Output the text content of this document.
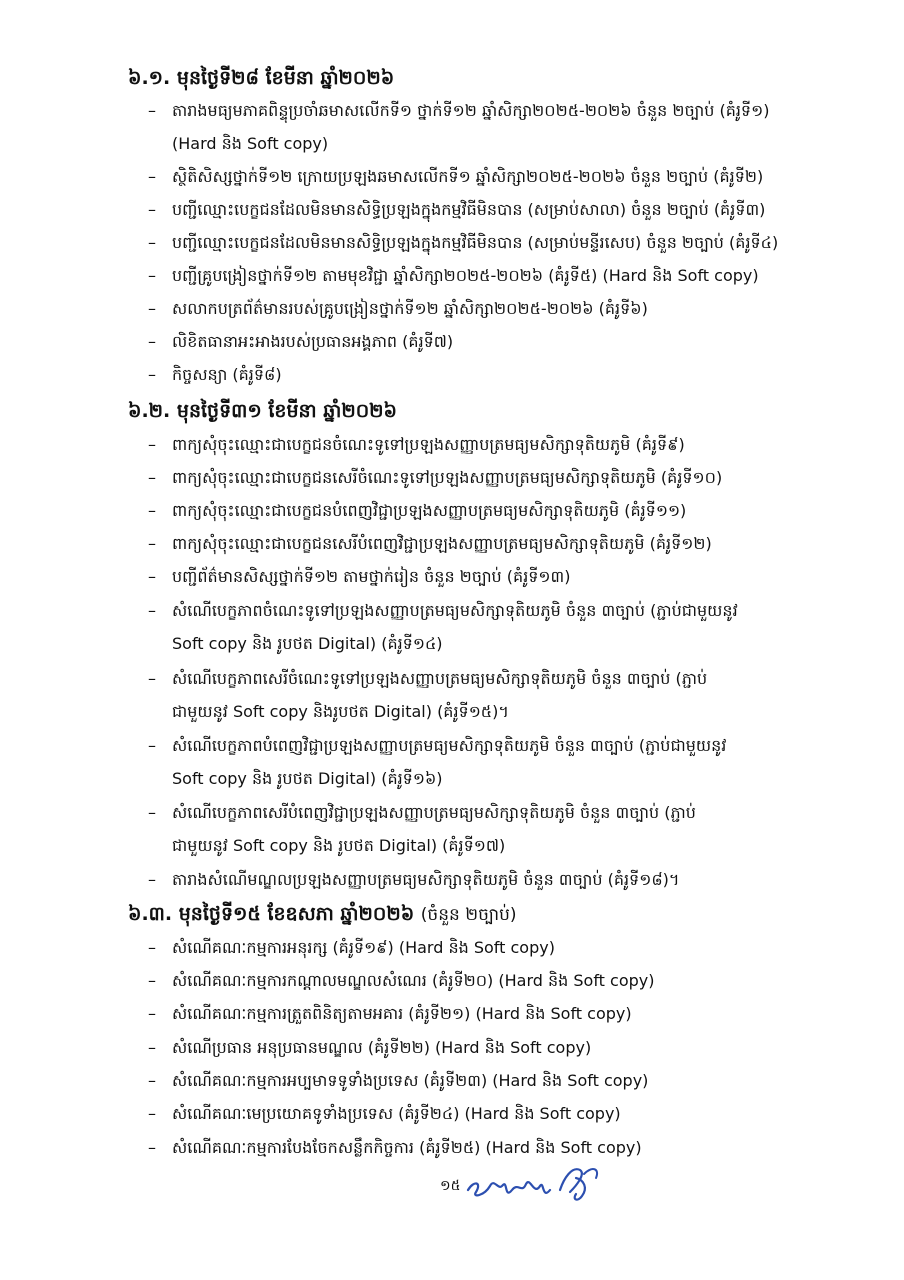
៦.១. មុនថ្ងៃទី២៨ ខែមីនា ឆ្នាំ២០២៦
– តារាងមធ្យមភាគពិន្ទុប្រចាំឆមាសលើកទី១ ថ្នាក់ទី១២ ឆ្នាំសិក្សា២០២៥-២០២៦ ចំនួន ២ច្បាប់ (គំរូទី១)
(Hard និង Soft copy)
– ស្ថិតិសិស្សថ្នាក់ទី១២ ក្រោយប្រឡងឆមាសលើកទី១ ឆ្នាំសិក្សា២០២៥-២០២៦ ចំនួន ២ច្បាប់ (គំរូទី២)
– បញ្ជីឈ្មោះបេក្ខជនដែលមិនមានសិទ្ធិប្រឡងក្នុងកម្មវិធីមិនបាន (សម្រាប់សាលា) ចំនួន ២ច្បាប់ (គំរូទី៣)
– បញ្ជីឈ្មោះបេក្ខជនដែលមិនមានសិទ្ធិប្រឡងក្នុងកម្មវិធីមិនបាន (សម្រាប់មន្ទីរសេប) ចំនួន ២ច្បាប់ (គំរូទី៤)
– បញ្ជីគ្រូបង្រៀនថ្នាក់ទី១២ តាមមុខវិជ្ជា ឆ្នាំសិក្សា២០២៥-២០២៦ (គំរូទី៥) (Hard និង Soft copy)
– សលាកបត្រព័ត៌មានរបស់គ្រូបង្រៀនថ្នាក់ទី១២ ឆ្នាំសិក្សា២០២៥-២០២៦ (គំរូទី៦)
– លិខិតធានាអះអាងរបស់ប្រធានអង្គភាព (គំរូទី៧)
– កិច្ចសន្យា (គំរូទី៨)
៦.២. មុនថ្ងៃទី៣១ ខែមីនា ឆ្នាំ២០២៦
– ពាក្យសុំចុះឈ្មោះជាបេក្ខជនចំណេះទូទៅប្រឡងសញ្ញាបត្រមធ្យមសិក្សាទុតិយភូមិ (គំរូទី៩)
– ពាក្យសុំចុះឈ្មោះជាបេក្ខជនសេរីចំណេះទូទៅប្រឡងសញ្ញាបត្រមធ្យមសិក្សាទុតិយភូមិ (គំរូទី១០)
– ពាក្យសុំចុះឈ្មោះជាបេក្ខជនបំពេញវិជ្ជាប្រឡងសញ្ញាបត្រមធ្យមសិក្សាទុតិយភូមិ (គំរូទី១១)
– ពាក្យសុំចុះឈ្មោះជាបេក្ខជនសេរីបំពេញវិជ្ជាប្រឡងសញ្ញាបត្រមធ្យមសិក្សាទុតិយភូមិ (គំរូទី១២)
– បញ្ជីព័ត៌មានសិស្សថ្នាក់ទី១២ តាមថ្នាក់រៀន ចំនួន ២ច្បាប់ (គំរូទី១៣)
– សំណើបេក្ខភាពចំណេះទូទៅប្រឡងសញ្ញាបត្រមធ្យមសិក្សាទុតិយភូមិ ចំនួន ៣ច្បាប់ (ភ្ជាប់ជាមួយនូវ
Soft copy និង រូបថត Digital) (គំរូទី១៤)
– សំណើបេក្ខភាពសេរីចំណេះទូទៅប្រឡងសញ្ញាបត្រមធ្យមសិក្សាទុតិយភូមិ ចំនួន ៣ច្បាប់ (ភ្ជាប់
ជាមួយនូវ Soft copy និងរូបថត Digital) (គំរូទី១៥)។
– សំណើបេក្ខភាពបំពេញវិជ្ជាប្រឡងសញ្ញាបត្រមធ្យមសិក្សាទុតិយភូមិ ចំនួន ៣ច្បាប់ (ភ្ជាប់ជាមួយនូវ
Soft copy និង រូបថត Digital) (គំរូទី១៦)
– សំណើបេក្ខភាពសេរីបំពេញវិជ្ជាប្រឡងសញ្ញាបត្រមធ្យមសិក្សាទុតិយភូមិ ចំនួន ៣ច្បាប់ (ភ្ជាប់
ជាមួយនូវ Soft copy និង រូបថត Digital) (គំរូទី១៧)
– តារាងសំណើមណ្ឌលប្រឡងសញ្ញាបត្រមធ្យមសិក្សាទុតិយភូមិ ចំនួន ៣ច្បាប់ (គំរូទី១៨)។
៦.៣. មុនថ្ងៃទី១៥ ខែឧសភា ឆ្នាំ២០២៦ (ចំនួន ២ច្បាប់)
– សំណើគណៈកម្មការអនុរក្ស (គំរូទី១៩) (Hard និង Soft copy)
– សំណើគណៈកម្មការកណ្តាលមណ្ឌលសំណេរ (គំរូទី២០) (Hard និង Soft copy)
– សំណើគណៈកម្មការត្រួតពិនិត្យតាមអគារ (គំរូទី២១) (Hard និង Soft copy)
– សំណើប្រធាន អនុប្រធានមណ្ឌល (គំរូទី២២) (Hard និង Soft copy)
– សំណើគណៈកម្មការអប្បមាទទូទាំងប្រទេស (គំរូទី២៣) (Hard និង Soft copy)
– សំណើគណៈមេប្រយោគទូទាំងប្រទេស (គំរូទី២៤) (Hard និង Soft copy)
– សំណើគណៈកម្មការបែងចែកសន្លឹកកិច្ចការ (គំរូទី២៥) (Hard និង Soft copy)
១៥
